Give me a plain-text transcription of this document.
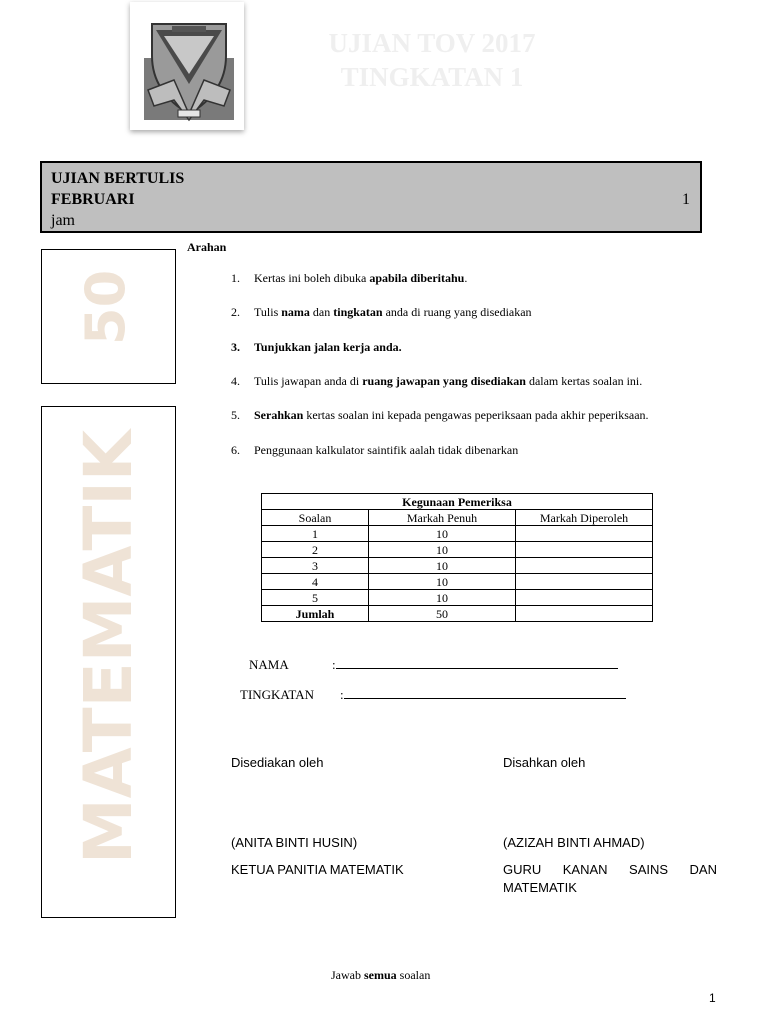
UJIAN TOV 2017
TINGKATAN 1
UJIAN BERTULIS
FEBRUARI	1
jam
50
MATEMATIK
Arahan
1. Kertas ini boleh dibuka apabila diberitahu.
2. Tulis nama dan tingkatan anda di ruang yang disediakan
3. Tunjukkan jalan kerja anda.
4. Tulis jawapan anda di ruang jawapan yang disediakan dalam kertas soalan ini.
5. Serahkan kertas soalan ini kepada pengawas peperiksaan pada akhir peperiksaan.
6. Penggunaan kalkulator saintifik aalah tidak dibenarkan
Kegunaan Pemeriksa		
Soalan	Markah Penuh	Markah Diperoleh
1	10	
2	10	
3	10	
4	10	
5	10	
Jumlah	50	
NAMA	:
TINGKATAN :
Disediakan oleh	Disahkan oleh
(ANITA BINTI HUSIN)	(AZIZAH BINTI AHMAD)
KETUA PANITIA MATEMATIK	GURU KANAN SAINS DAN
MATEMATIK
Jawab semua soalan
1
